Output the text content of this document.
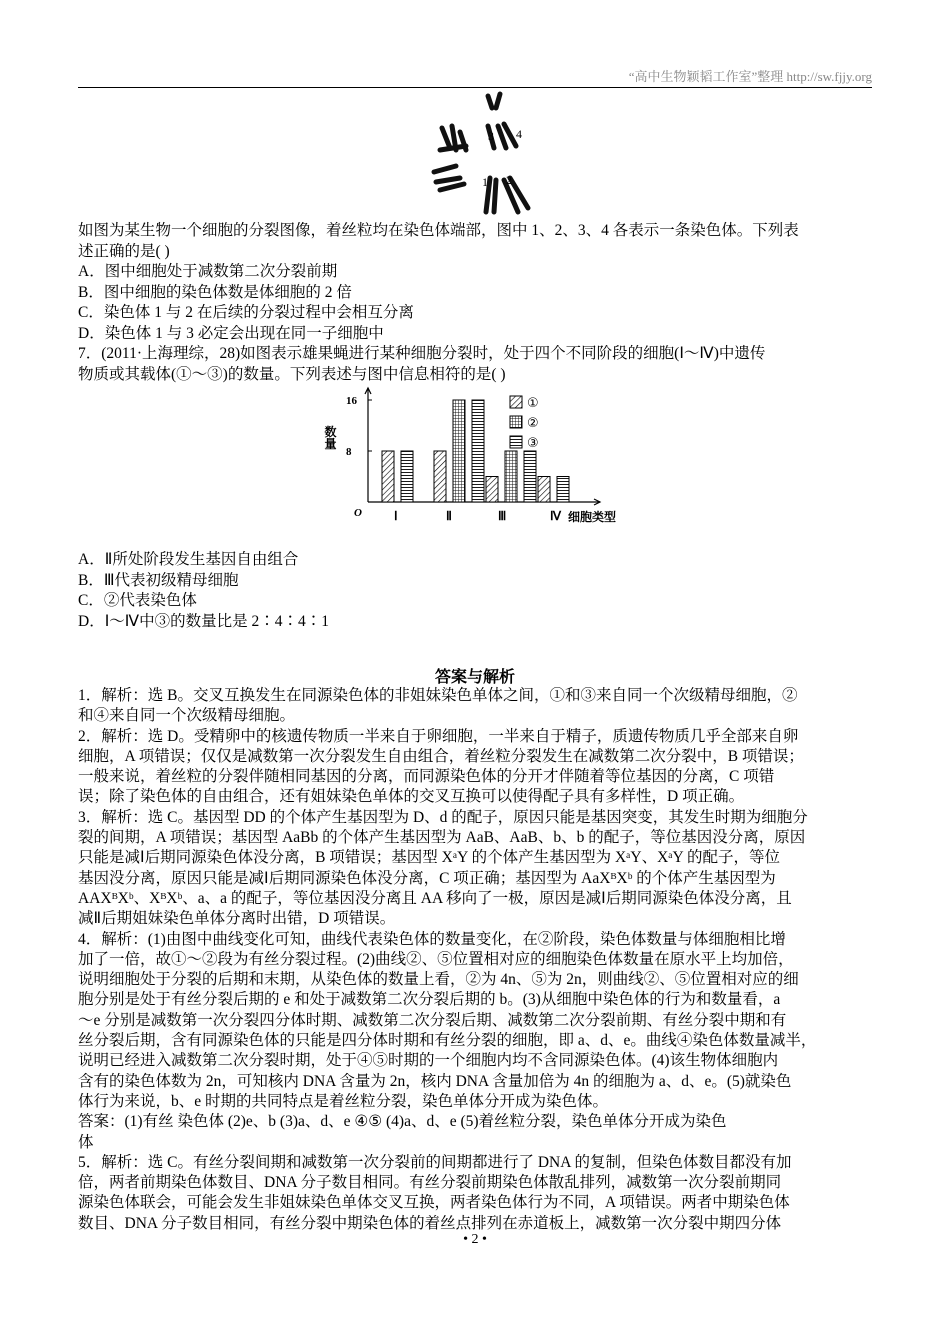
“高中生物颖韬工作室”整理 http://sw.fjjy.org
3 4
1 2
如图为某生物一个细胞的分裂图像，着丝粒均在染色体端部，图中 1、2、3、4 各表示一条染色体。下列表
述正确的是( )
A．图中细胞处于减数第二次分裂前期
B．图中细胞的染色体数是体细胞的 2 倍
C．染色体 1 与 2 在后续的分裂过程中会相互分离
D．染色体 1 与 3 必定会出现在同一子细胞中
7．(2011·上海理综，28)如图表示雄果蝇进行某种细胞分裂时，处于四个不同阶段的细胞(Ⅰ～Ⅳ)中遗传
物质或其载体(①～③)的数量。下列表述与图中信息相符的是( )
16
8
数量
O	细胞类型
Ⅰ	Ⅱ	Ⅲ	Ⅳ
①
②
③
A．Ⅱ所处阶段发生基因自由组合
B．Ⅲ代表初级精母细胞
C．②代表染色体
D．Ⅰ～Ⅳ中③的数量比是 2∶4∶4∶1
答案与解析
1．解析：选 B。交叉互换发生在同源染色体的非姐妹染色单体之间，①和③来自同一个次级精母细胞，②
和④来自同一个次级精母细胞。
2．解析：选 D。受精卵中的核遗传物质一半来自于卵细胞，一半来自于精子，质遗传物质几乎全部来自卵
细胞，A 项错误；仅仅是减数第一次分裂发生自由组合，着丝粒分裂发生在减数第二次分裂中，B 项错误；
一般来说，着丝粒的分裂伴随相同基因的分离，而同源染色体的分开才伴随着等位基因的分离，C 项错
误；除了染色体的自由组合，还有姐妹染色单体的交叉互换可以使得配子具有多样性，D 项正确。
3．解析：选 C。基因型 DD 的个体产生基因型为 D、d 的配子，原因只能是基因突变，其发生时期为细胞分
裂的间期，A 项错误；基因型 AaBb 的个体产生基因型为 AaB、AaB、b、b 的配子，等位基因没分离，原因
只能是减Ⅰ后期同源染色体没分离，B 项错误；基因型 XᵃY 的个体产生基因型为 XᵃY、XᵃY 的配子，等位
基因没分离，原因只能是减Ⅰ后期同源染色体没分离，C 项正确；基因型为 AaXᴮXᵇ 的个体产生基因型为
AAXᴮXᵇ、XᴮXᵇ、a、a 的配子，等位基因没分离且 AA 移向了一极，原因是减Ⅰ后期同源染色体没分离，且
减Ⅱ后期姐妹染色单体分离时出错，D 项错误。
4．解析：(1)由图中曲线变化可知，曲线代表染色体的数量变化，在②阶段，染色体数量与体细胞相比增
加了一倍，故①～②段为有丝分裂过程。(2)曲线②、⑤位置相对应的细胞染色体数量在原水平上均加倍，
说明细胞处于分裂的后期和末期，从染色体的数量上看，②为 4n、⑤为 2n，则曲线②、⑤位置相对应的细
胞分别是处于有丝分裂后期的 e 和处于减数第二次分裂后期的 b。(3)从细胞中染色体的行为和数量看，a
～e 分别是减数第一次分裂四分体时期、减数第二次分裂后期、减数第二次分裂前期、有丝分裂中期和有
丝分裂后期，含有同源染色体的只能是四分体时期和有丝分裂的细胞，即 a、d、e。曲线④染色体数量减半，
说明已经进入减数第二次分裂时期，处于④⑤时期的一个细胞内均不含同源染色体。(4)该生物体细胞内
含有的染色体数为 2n，可知核内 DNA 含量为 2n，核内 DNA 含量加倍为 4n 的细胞为 a、d、e。(5)就染色
体行为来说，b、e 时期的共同特点是着丝粒分裂，染色单体分开成为染色体。
答案：(1)有丝 染色体 (2)e、b (3)a、d、e ④⑤ (4)a、d、e (5)着丝粒分裂，染色单体分开成为染色
体
5．解析：选 C。有丝分裂间期和减数第一次分裂前的间期都进行了 DNA 的复制，但染色体数目都没有加
倍，两者前期染色体数目、DNA 分子数目相同。有丝分裂前期染色体散乱排列，减数第一次分裂前期同
源染色体联会，可能会发生非姐妹染色单体交叉互换，两者染色体行为不同，A 项错误。两者中期染色体
数目、DNA 分子数目相同，有丝分裂中期染色体的着丝点排列在赤道板上，减数第一次分裂中期四分体
• 2 •
